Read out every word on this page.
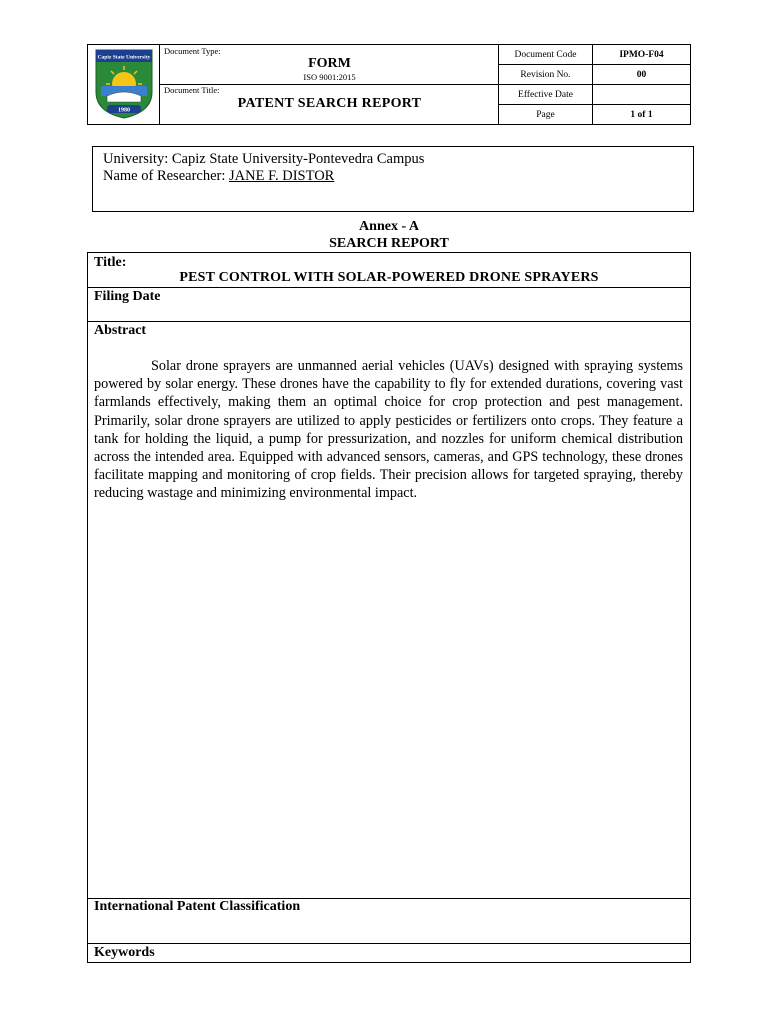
Capiz State University
1980
Document Type:
FORM
ISO 9001:2015
Document Title:
PATENT SEARCH REPORT
Document Code	IPMO-F04
Revision No.	00
Effective Date
Page	1 of 1
University: Capiz State University-Pontevedra Campus
Name of Researcher: JANE F. DISTOR
Annex - A
SEARCH REPORT
Title:
PEST CONTROL WITH SOLAR-POWERED DRONE SPRAYERS
Filing Date
Abstract
Solar drone sprayers are unmanned aerial vehicles (UAVs) designed with spraying systems powered by solar energy. These drones have the capability to fly for extended durations, covering vast farmlands effectively, making them an optimal choice for crop protection and pest management. Primarily, solar drone sprayers are utilized to apply pesticides or fertilizers onto crops. They feature a tank for holding the liquid, a pump for pressurization, and nozzles for uniform chemical distribution across the intended area. Equipped with advanced sensors, cameras, and GPS technology, these drones facilitate mapping and monitoring of crop fields. Their precision allows for targeted spraying, thereby reducing wastage and minimizing environmental impact.
International Patent Classification
Keywords
